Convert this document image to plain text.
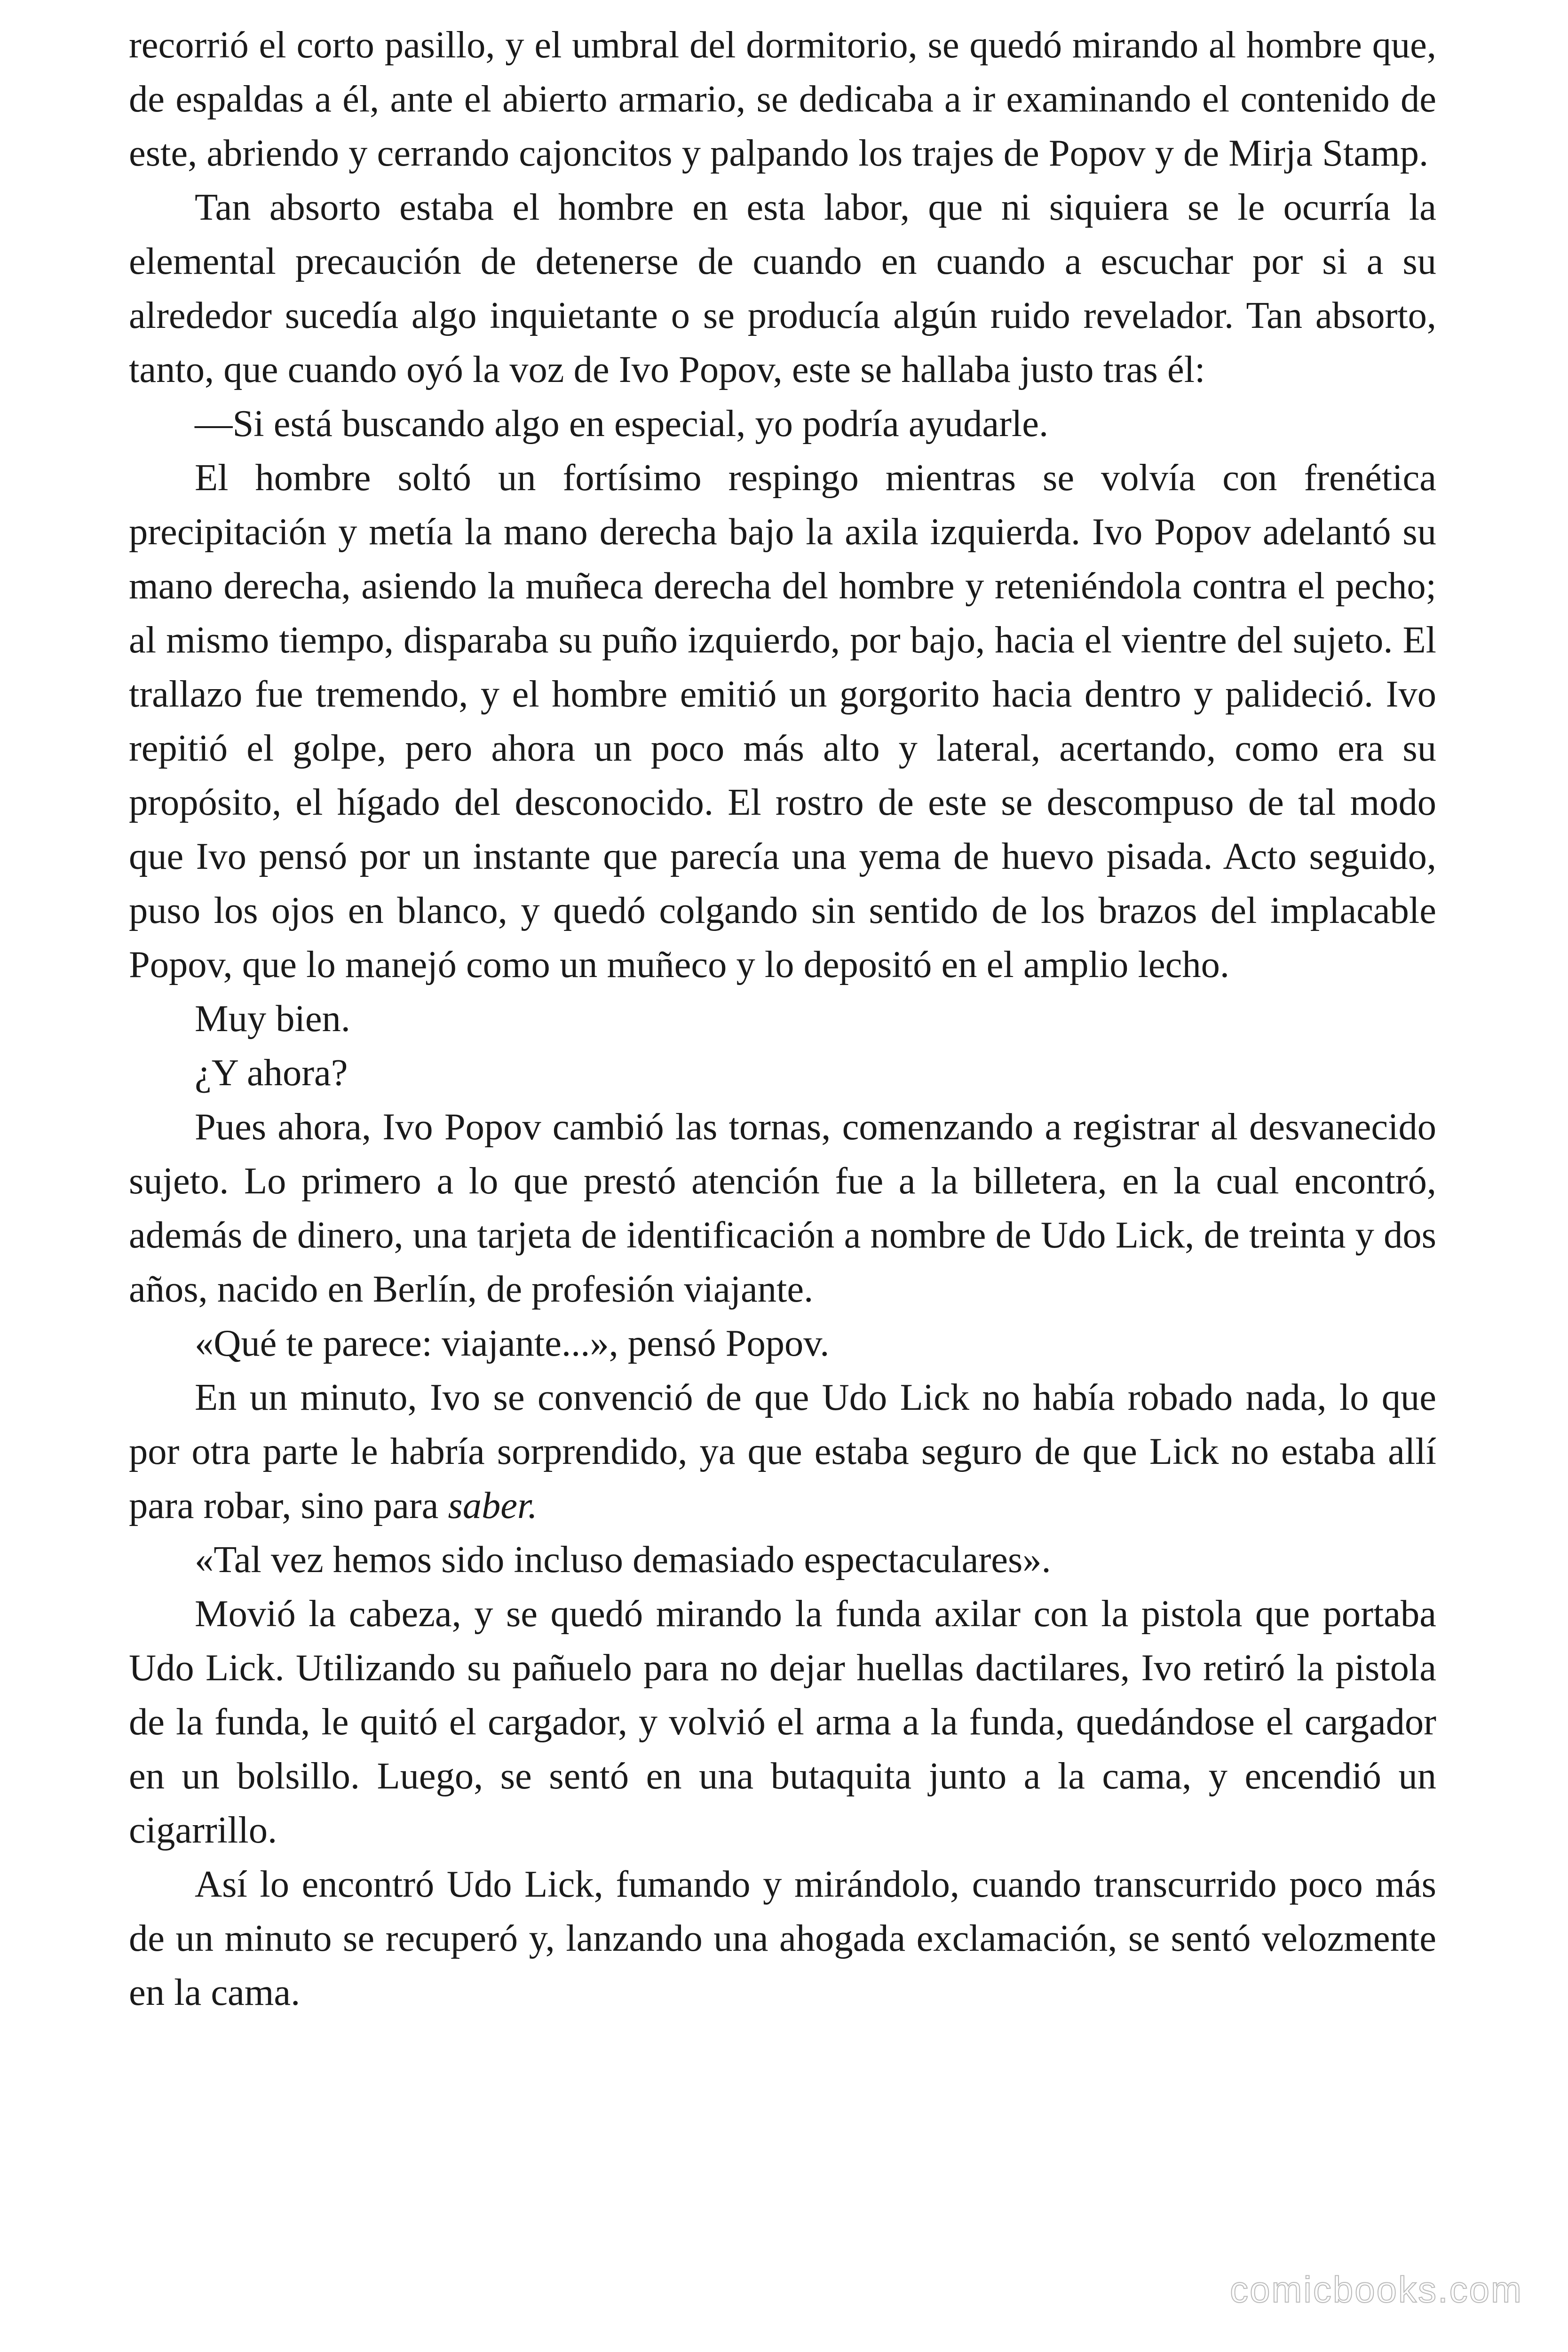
recorrió el corto pasillo, y el umbral del dormitorio, se quedó mirando al hombre que, de espaldas a él, ante el abierto armario, se dedicaba a ir examinando el contenido de este, abriendo y cerrando cajoncitos y palpando los trajes de Popov y de Mirja Stamp.

Tan absorto estaba el hombre en esta labor, que ni siquiera se le ocurría la elemental precaución de detenerse de cuando en cuando a escuchar por si a su alrededor sucedía algo inquietante o se producía algún ruido revelador. Tan absorto, tanto, que cuando oyó la voz de Ivo Popov, este se hallaba justo tras él:

—Si está buscando algo en especial, yo podría ayudarle.

El hombre soltó un fortísimo respingo mientras se volvía con frenética precipitación y metía la mano derecha bajo la axila izquierda. Ivo Popov adelantó su mano derecha, asiendo la muñeca derecha del hombre y reteniéndola contra el pecho; al mismo tiempo, disparaba su puño izquierdo, por bajo, hacia el vientre del sujeto. El trallazo fue tremendo, y el hombre emitió un gorgorito hacia dentro y palideció. Ivo repitió el golpe, pero ahora un poco más alto y lateral, acertando, como era su propósito, el hígado del desconocido. El rostro de este se descompuso de tal modo que Ivo pensó por un instante que parecía una yema de huevo pisada. Acto seguido, puso los ojos en blanco, y quedó colgando sin sentido de los brazos del implacable Popov, que lo manejó como un muñeco y lo depositó en el amplio lecho.

Muy bien.

¿Y ahora?

Pues ahora, Ivo Popov cambió las tornas, comenzando a registrar al desvanecido sujeto. Lo primero a lo que prestó atención fue a la billetera, en la cual encontró, además de dinero, una tarjeta de identificación a nombre de Udo Lick, de treinta y dos años, nacido en Berlín, de profesión viajante.

«Qué te parece: viajante...», pensó Popov.

En un minuto, Ivo se convenció de que Udo Lick no había robado nada, lo que por otra parte le habría sorprendido, ya que estaba seguro de que Lick no estaba allí para robar, sino para saber.

«Tal vez hemos sido incluso demasiado espectaculares».

Movió la cabeza, y se quedó mirando la funda axilar con la pistola que portaba Udo Lick. Utilizando su pañuelo para no dejar huellas dactilares, Ivo retiró la pistola de la funda, le quitó el cargador, y volvió el arma a la funda, quedándose el cargador en un bolsillo. Luego, se sentó en una butaquita junto a la cama, y encendió un cigarrillo.

Así lo encontró Udo Lick, fumando y mirándolo, cuando transcurrido poco más de un minuto se recuperó y, lanzando una ahogada exclamación, se sentó velozmente en la cama.

comicbooks.com
